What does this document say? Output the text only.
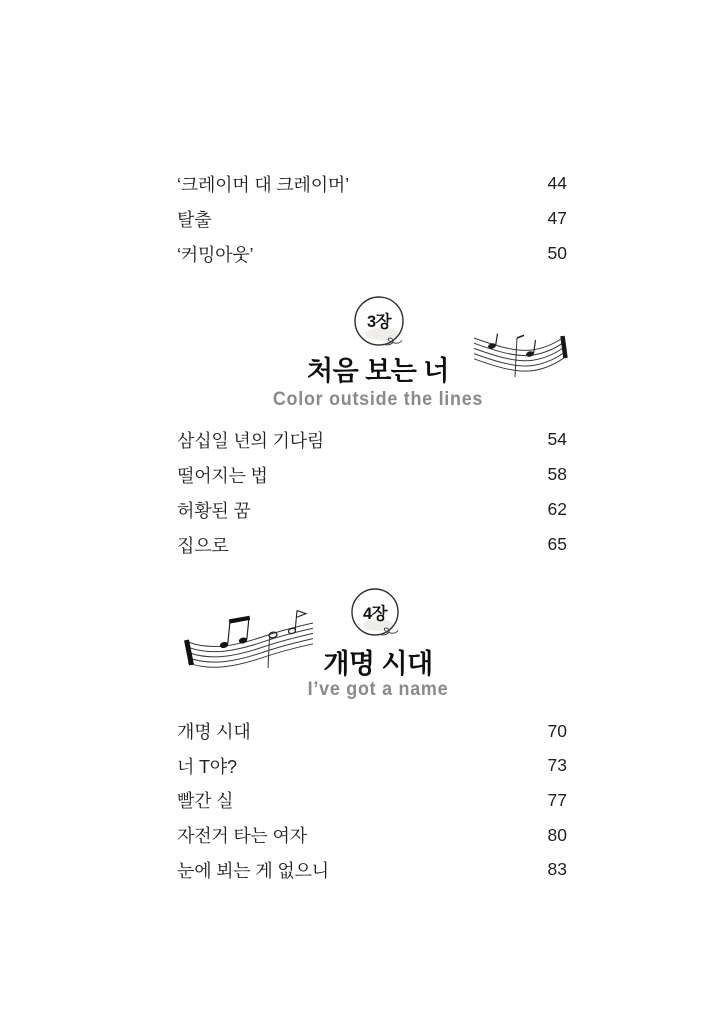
‘크레이머 대 크레이머’	44
탈출	47
‘커밍아웃’	50
3장
처음 보는 너
Color outside the lines
삼십일 년의 기다림	54
떨어지는 법	58
허황된 꿈	62
집으로	65
4장
개명 시대
I’ve got a name
개명 시대	70
너 T야?	73
빨간 실	77
자전거 타는 여자	80
눈에 뵈는 게 없으니	83
